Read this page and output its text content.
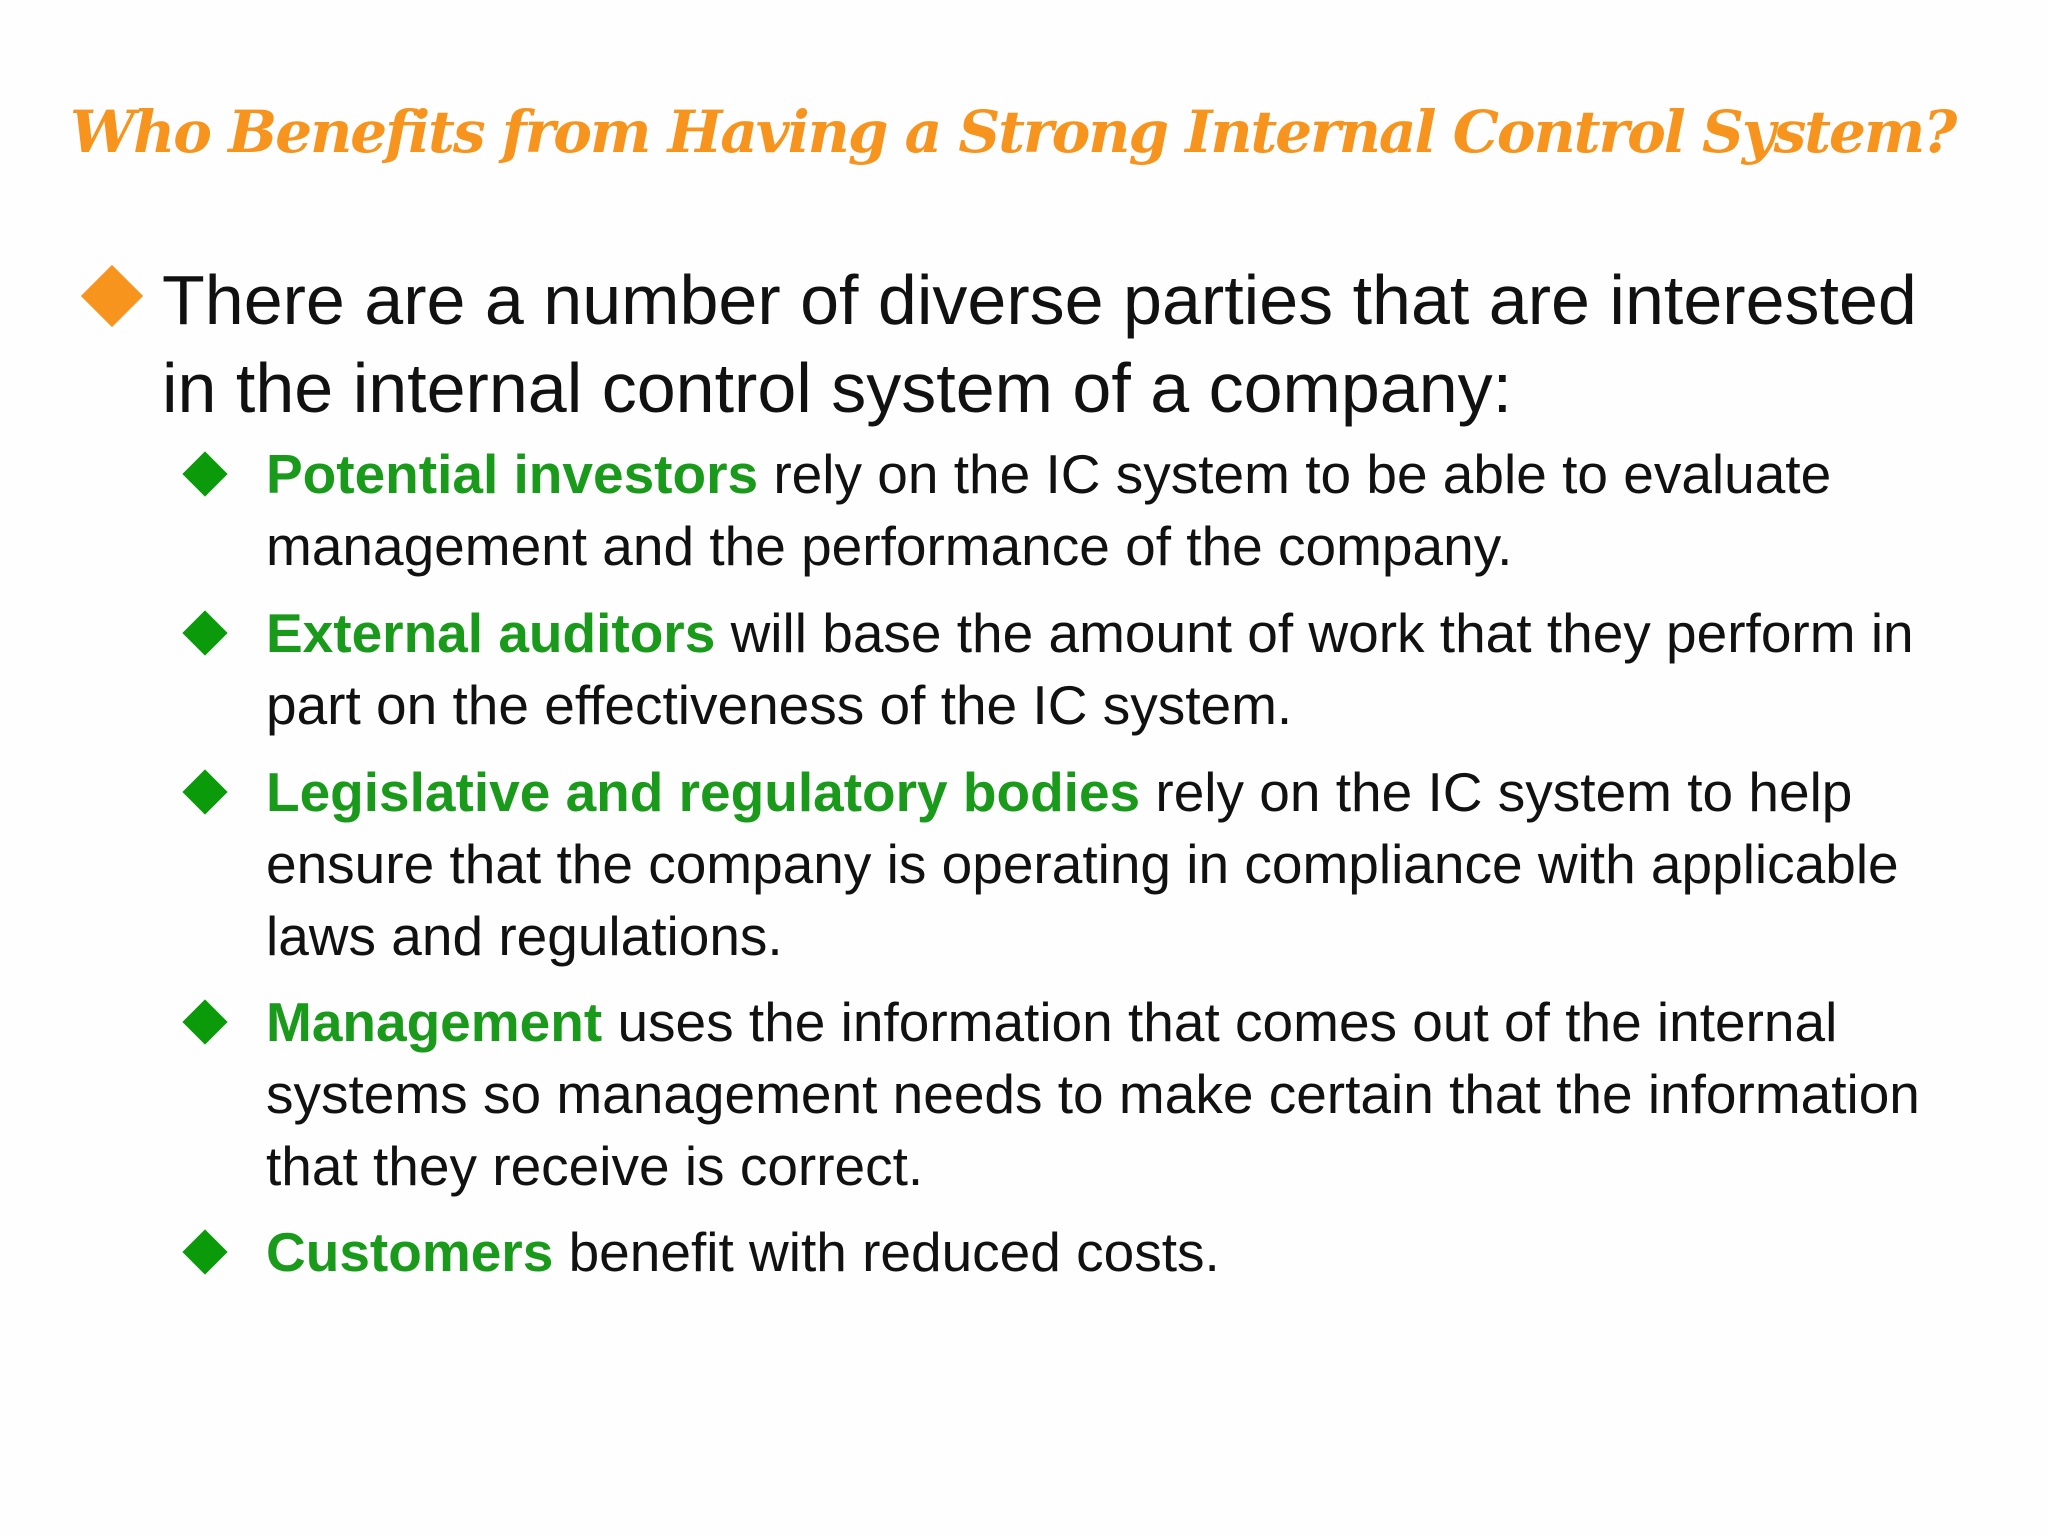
Who Benefits from Having a Strong Internal Control System?
There are a number of diverse parties that are interested in the internal control system of a company:
Potential investors rely on the IC system to be able to evaluate management and the performance of the company.
External auditors will base the amount of work that they perform in part on the effectiveness of the IC system.
Legislative and regulatory bodies rely on the IC system to help ensure that the company is operating in compliance with applicable laws and regulations.
Management uses the information that comes out of the internal systems so management needs to make certain that the information that they receive is correct.
Customers benefit with reduced costs.
